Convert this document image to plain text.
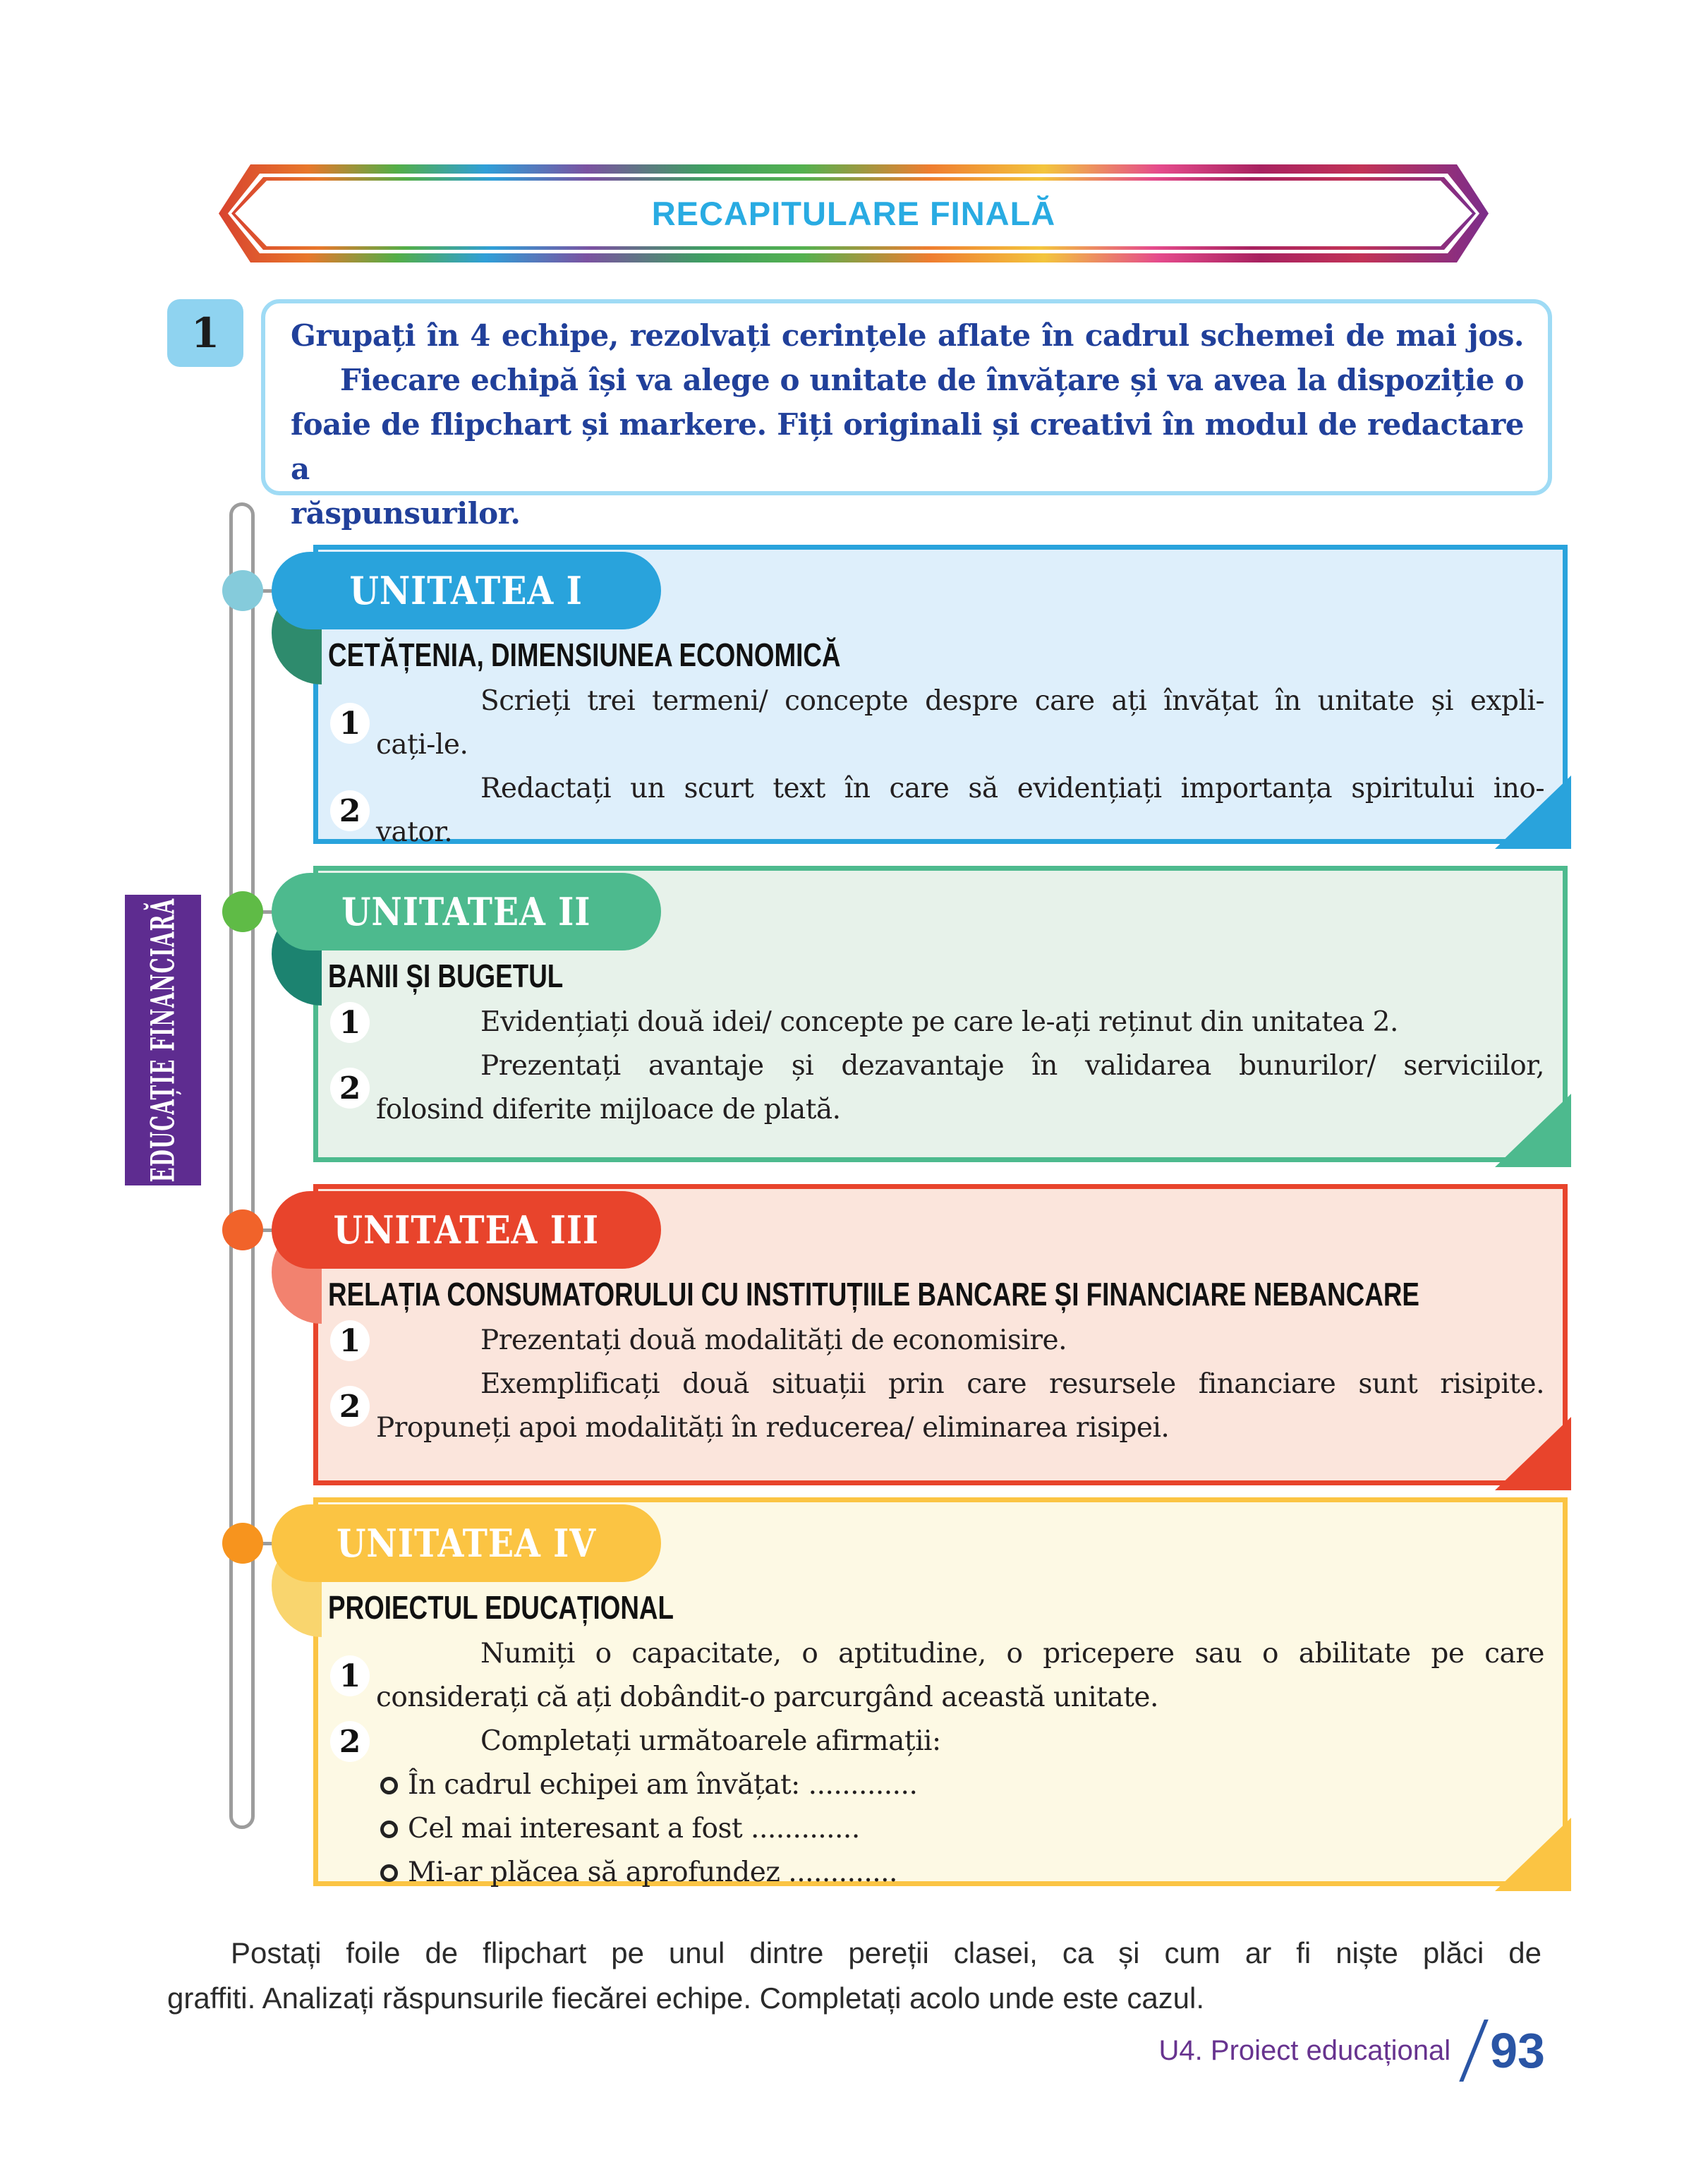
RECAPITULARE FINALĂ
1	Grupați în 4 echipe, rezolvați cerințele aflate în cadrul schemei de mai jos.
Fiecare echipă își va alege o unitate de învățare și va avea la dispoziție o
foaie de flipchart și markere. Fiți originali și creativi în modul de redactare a
răspunsurilor.
EDUCAȚIE FINANCIARĂ
CETĂȚENIA, DIMENSIUNEA ECONOMICĂ
1
Scrieți trei termeni/ concepte despre care ați învățat în unitate și expli-
cați-le.
2
Redactați un scurt text în care să evidențiați importanța spiritului ino-
vator.
UNITATEA I
BANII ȘI BUGETUL
1	Evidențiați două idei/ concepte pe care le-ați reținut din unitatea 2.
2
Prezentați avantaje și dezavantaje în validarea bunurilor/ serviciilor,
folosind diferite mijloace de plată.
UNITATEA II
RELAȚIA CONSUMATORULUI CU INSTITUȚIILE BANCARE ȘI FINANCIARE NEBANCARE
1	Prezentați două modalități de economisire.
2
Exemplificați două situații prin care resursele financiare sunt risipite.
Propuneți apoi modalități în reducerea/ eliminarea risipei.
UNITATEA III
PROIECTUL EDUCAȚIONAL
1
Numiți o capacitate, o aptitudine, o pricepere sau o abilitate pe care
considerați că ați dobândit-o parcurgând această unitate.
2	Completați următoarele afirmații:
În cadrul echipei am învățat: .............
Cel mai interesant a fost .............
Mi-ar plăcea să aprofundez .............
UNITATEA IV
Postați foile de flipchart pe unul dintre pereții clasei, ca și cum ar fi niște plăci de
graffiti. Analizați răspunsurile fiecărei echipe. Completați acolo unde este cazul.
U4. Proiect educațional 93
